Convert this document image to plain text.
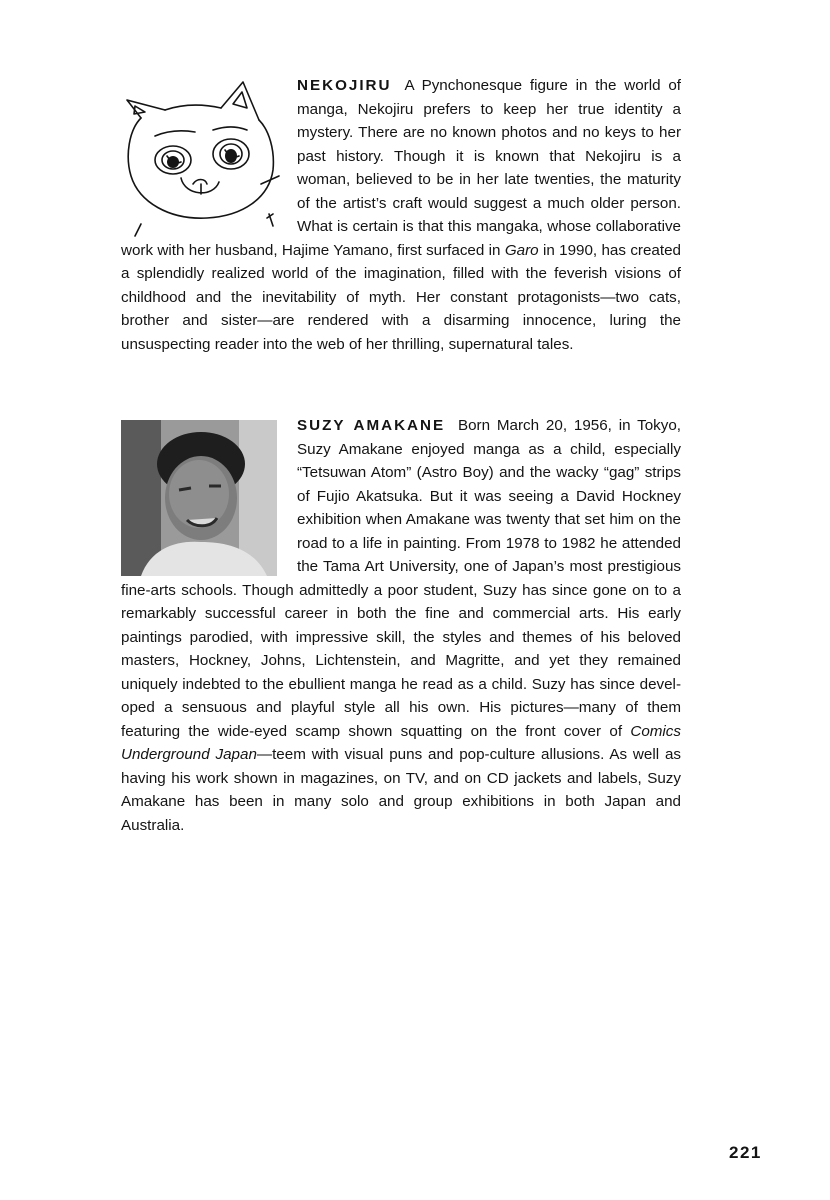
NEKOJIRU A Pynchonesque figure in the world of manga, Nekojiru prefers to keep her true identity a mystery. There are no known photos and no keys to her past history. Though it is known that Nekojiru is a woman, believed to be in her late twenties, the maturity of the artist’s craft would suggest a much older person. What is certain is that this mangaka, whose collaborative work with her husband, Hajime Yamano, first surfaced in Garo in 1990, has created a splendidly realized world of the imagination, filled with the feverish visions of childhood and the inevitability of myth. Her constant protagonists—two cats, brother and sister—are rendered with a disarming innocence, luring the unsuspecting reader into the web of her thrilling, supernatural tales.

SUZY AMAKANE Born March 20, 1956, in Tokyo, Suzy Amakane enjoyed manga as a child, especially “Tetsuwan Atom” (Astro Boy) and the wacky “gag” strips of Fujio Akatsuka. But it was seeing a David Hockney exhibition when Amakane was twenty that set him on the road to a life in painting. From 1978 to 1982 he attended the Tama Art University, one of Japan’s most prestigious fine-arts schools. Though admittedly a poor student, Suzy has since gone on to a remarkably successful career in both the fine and commercial arts. His early paintings parodied, with impressive skill, the styles and themes of his beloved masters, Hockney, Johns, Lichtenstein, and Magritte, and yet they remained uniquely indebted to the ebullient manga he read as a child. Suzy has since developed a sensuous and playful style all his own. His pictures—many of them featuring the wide-eyed scamp shown squatting on the front cover of Comics Underground Japan—teem with visual puns and pop-culture allusions. As well as having his work shown in magazines, on TV, and on CD jackets and labels, Suzy Amakane has been in many solo and group exhibitions in both Japan and Australia.

221
